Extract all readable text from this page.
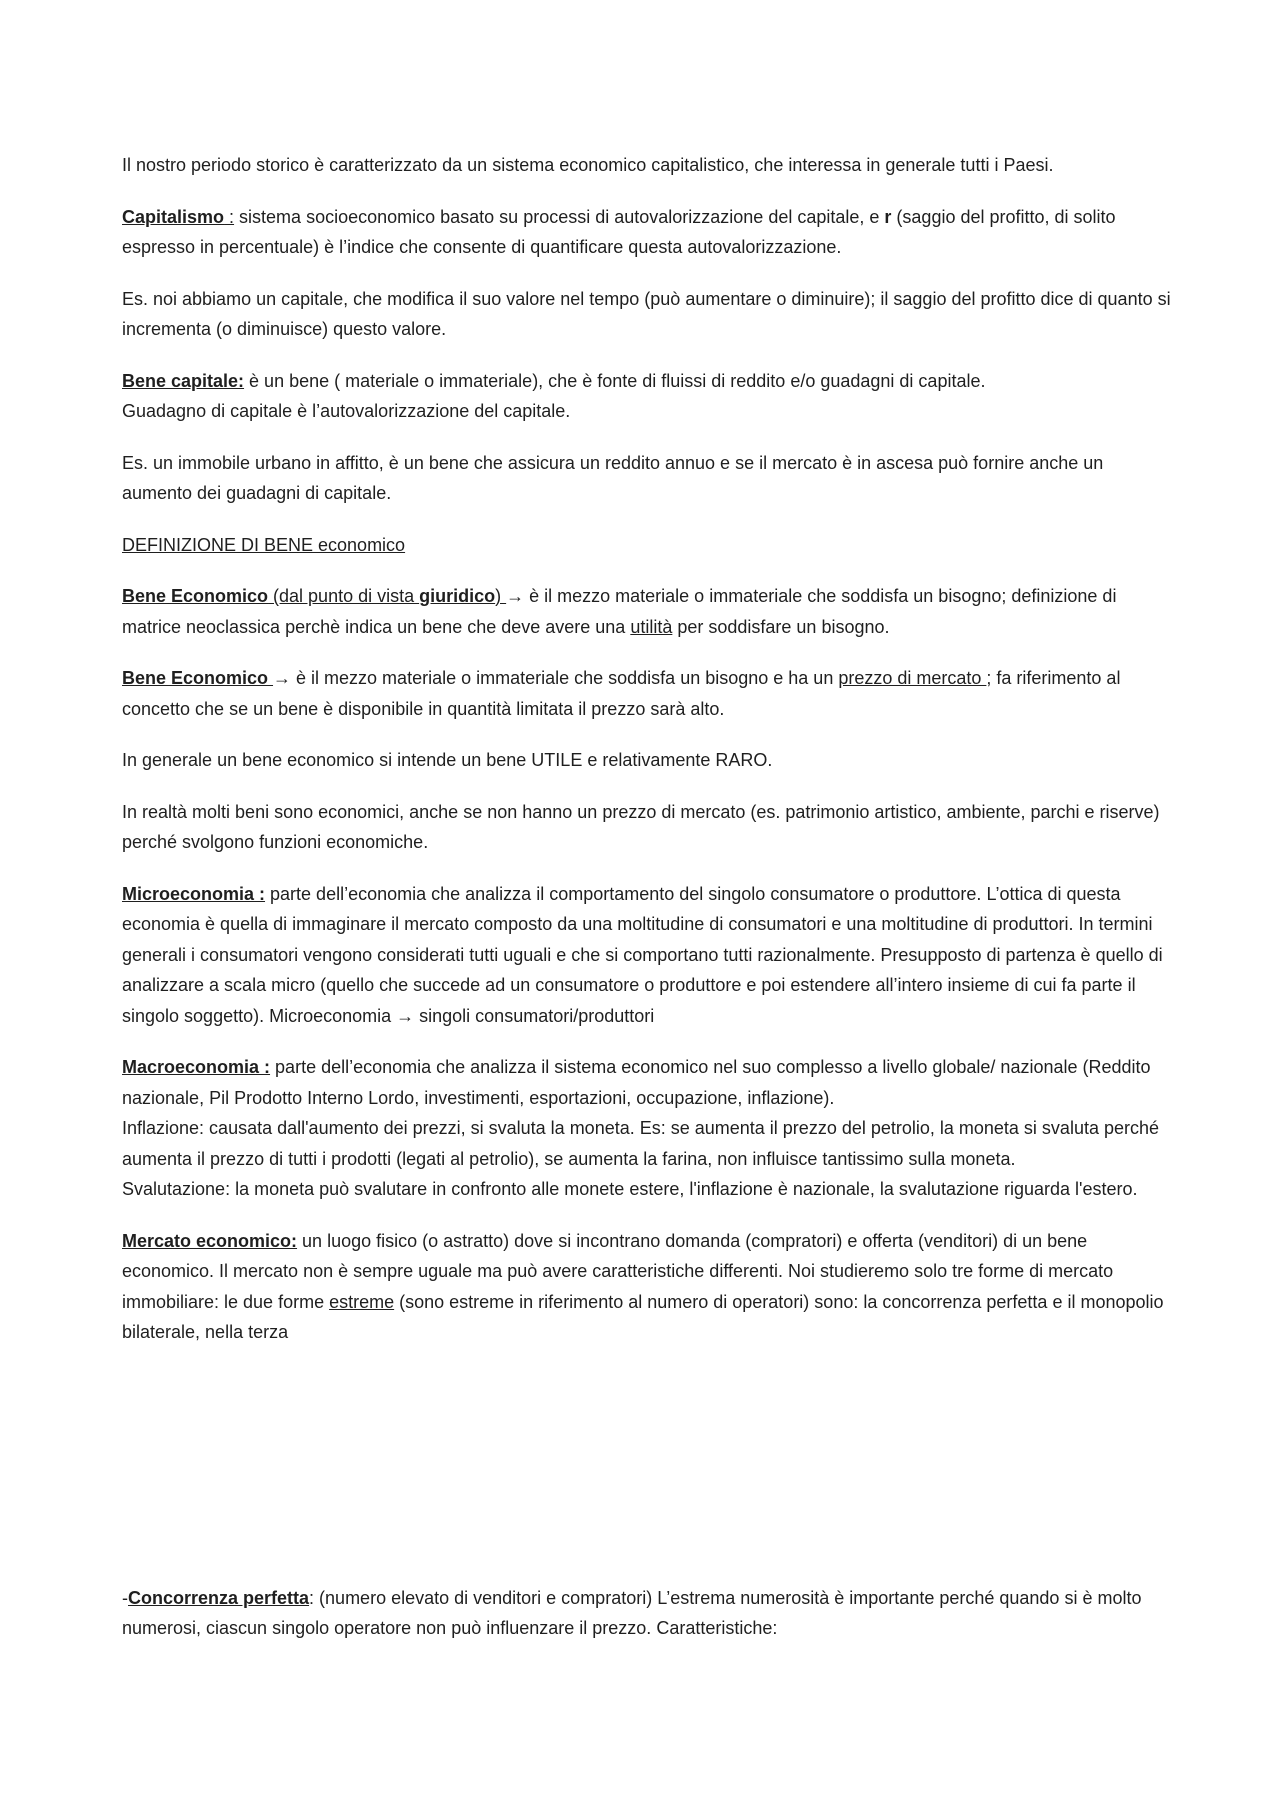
Il nostro periodo storico è caratterizzato da un sistema economico capitalistico, che interessa in generale tutti i Paesi.

Capitalismo : sistema socioeconomico basato su processi di autovalorizzazione del capitale, e r (saggio del profitto, di solito espresso in percentuale) è l’indice che consente di quantificare questa autovalorizzazione.

Es. noi abbiamo un capitale, che modifica il suo valore nel tempo (può aumentare o diminuire); il saggio del profitto dice di quanto si incrementa (o diminuisce) questo valore.

Bene capitale: è un bene ( materiale o immateriale), che è fonte di fluissi di reddito e/o guadagni di capitale.
Guadagno di capitale è l’autovalorizzazione del capitale.

Es. un immobile urbano in affitto, è un bene che assicura un reddito annuo e se il mercato è in ascesa può fornire anche un aumento dei guadagni di capitale.

DEFINIZIONE DI BENE economico

Bene Economico (dal punto di vista giuridico) → è il mezzo materiale o immateriale che soddisfa un bisogno; definizione di matrice neoclassica perchè indica un bene che deve avere una utilità per soddisfare un bisogno.

Bene Economico → è il mezzo materiale o immateriale che soddisfa un bisogno e ha un prezzo di mercato ; fa riferimento al concetto che se un bene è disponibile in quantità limitata il prezzo sarà alto.

In generale un bene economico si intende un bene UTILE e relativamente RARO.

In realtà molti beni sono economici, anche se non hanno un prezzo di mercato (es. patrimonio artistico, ambiente, parchi e riserve) perché svolgono funzioni economiche.

Microeconomia : parte dell’economia che analizza il comportamento del singolo consumatore o produttore. L’ottica di questa economia è quella di immaginare il mercato composto da una moltitudine di consumatori e una moltitudine di produttori. In termini generali i consumatori vengono considerati tutti uguali e che si comportano tutti razionalmente. Presupposto di partenza è quello di analizzare a scala micro (quello che succede ad un consumatore o produttore e poi estendere all’intero insieme di cui fa parte il singolo soggetto). Microeconomia → singoli consumatori/produttori

Macroeconomia : parte dell’economia che analizza il sistema economico nel suo complesso a livello globale/ nazionale (Reddito nazionale, Pil Prodotto Interno Lordo, investimenti, esportazioni, occupazione, inflazione).
Inflazione: causata dall'aumento dei prezzi, si svaluta la moneta. Es: se aumenta il prezzo del petrolio, la moneta si svaluta perché aumenta il prezzo di tutti i prodotti (legati al petrolio), se aumenta la farina, non influisce tantissimo sulla moneta.
Svalutazione: la moneta può svalutare in confronto alle monete estere, l'inflazione è nazionale, la svalutazione riguarda l'estero.

Mercato economico: un luogo fisico (o astratto) dove si incontrano domanda (compratori) e offerta (venditori) di un bene economico. Il mercato non è sempre uguale ma può avere caratteristiche differenti. Noi studieremo solo tre forme di mercato immobiliare: le due forme estreme (sono estreme in riferimento al numero di operatori) sono: la concorrenza perfetta e il monopolio bilaterale, nella terza

-Concorrenza perfetta: (numero elevato di venditori e compratori) L’estrema numerosità è importante perché quando si è molto numerosi, ciascun singolo operatore non può influenzare il prezzo. Caratteristiche:
